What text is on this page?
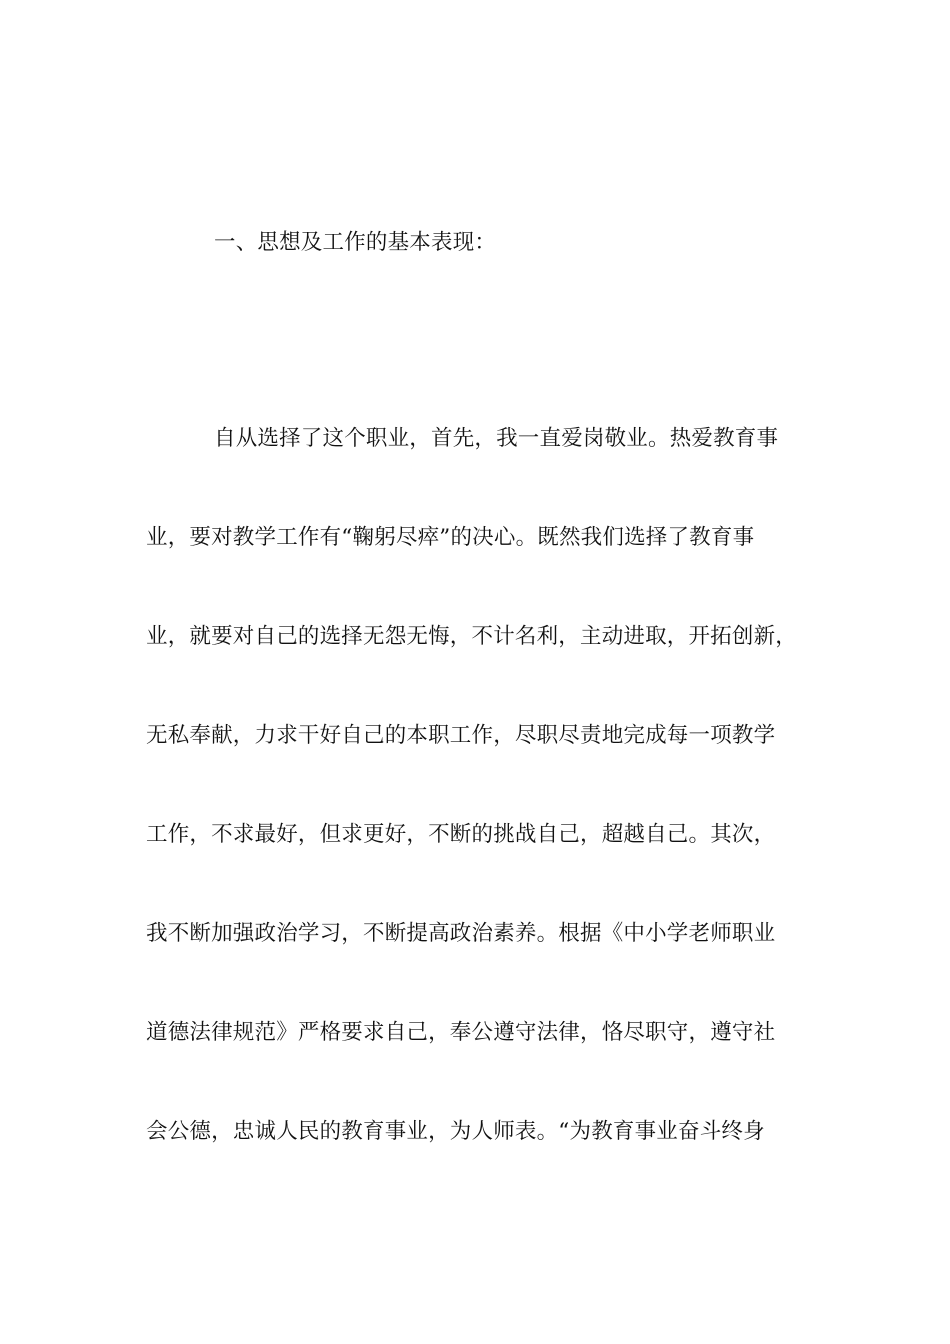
一、思想及工作的基本表现：
自从选择了这个职业，首先，我一直爱岗敬业。热爱教育事
业，要对教学工作有“鞠躬尽瘁”的决心。既然我们选择了教育事
业，就要对自己的选择无怨无悔，不计名利，主动进取，开拓创新，
无私奉献，力求干好自己的本职工作，尽职尽责地完成每一项教学
工作，不求最好，但求更好，不断的挑战自己，超越自己。其次，
我不断加强政治学习，不断提高政治素养。根据《中小学老师职业
道德法律规范》严格要求自己，奉公遵守法律，恪尽职守，遵守社
会公德，忠诚人民的教育事业，为人师表。“为教育事业奋斗终身
